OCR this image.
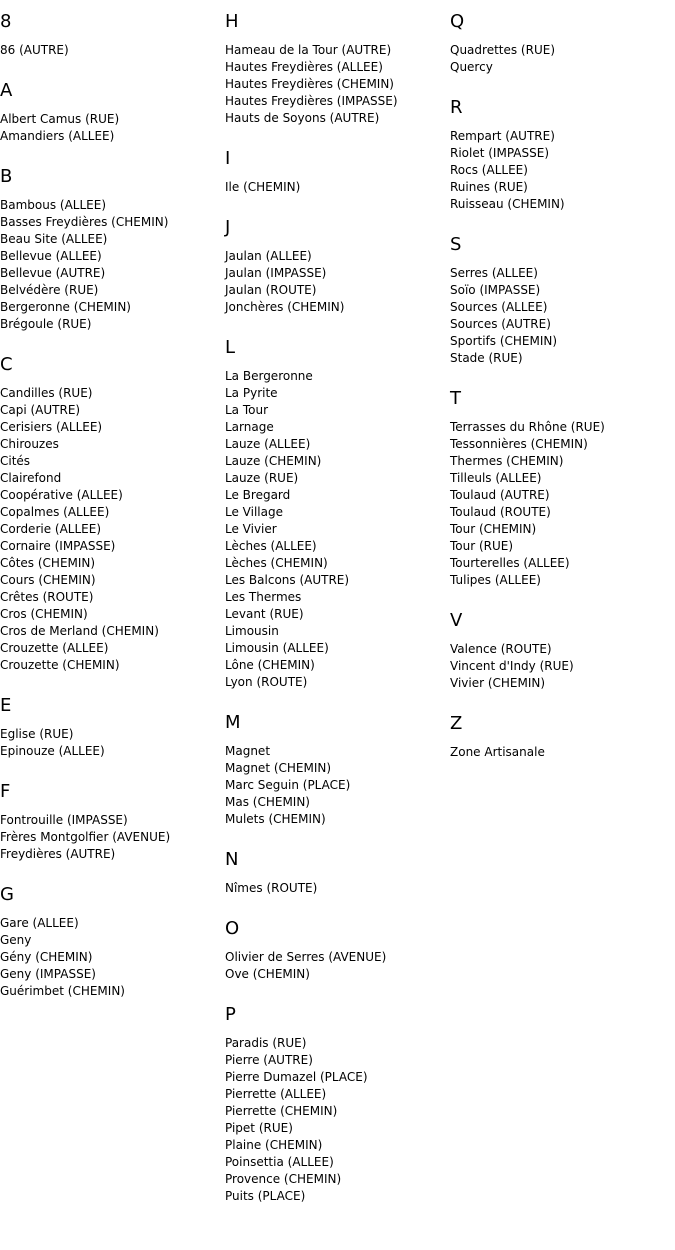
8
86 (AUTRE)
A
Albert Camus (RUE)
Amandiers (ALLEE)
B
Bambous (ALLEE)
Basses Freydières (CHEMIN)
Beau Site (ALLEE)
Bellevue (ALLEE)
Bellevue (AUTRE)
Belvédère (RUE)
Bergeronne (CHEMIN)
Brégoule (RUE)
C
Candilles (RUE)
Capi (AUTRE)
Cerisiers (ALLEE)
Chirouzes
Cités
Clairefond
Coopérative (ALLEE)
Copalmes (ALLEE)
Corderie (ALLEE)
Cornaire (IMPASSE)
Côtes (CHEMIN)
Cours (CHEMIN)
Crêtes (ROUTE)
Cros (CHEMIN)
Cros de Merland (CHEMIN)
Crouzette (ALLEE)
Crouzette (CHEMIN)
E
Eglise (RUE)
Epinouze (ALLEE)
F
Fontrouille (IMPASSE)
Frères Montgolfier (AVENUE)
Freydières (AUTRE)
G
Gare (ALLEE)
Geny
Gény (CHEMIN)
Geny (IMPASSE)
Guérimbet (CHEMIN)
H
Hameau de la Tour (AUTRE)
Hautes Freydières (ALLEE)
Hautes Freydières (CHEMIN)
Hautes Freydières (IMPASSE)
Hauts de Soyons (AUTRE)
I
Ile (CHEMIN)
J
Jaulan (ALLEE)
Jaulan (IMPASSE)
Jaulan (ROUTE)
Jonchères (CHEMIN)
L
La Bergeronne
La Pyrite
La Tour
Larnage
Lauze (ALLEE)
Lauze (CHEMIN)
Lauze (RUE)
Le Bregard
Le Village
Le Vivier
Lèches (ALLEE)
Lèches (CHEMIN)
Les Balcons (AUTRE)
Les Thermes
Levant (RUE)
Limousin
Limousin (ALLEE)
Lône (CHEMIN)
Lyon (ROUTE)
M
Magnet
Magnet (CHEMIN)
Marc Seguin (PLACE)
Mas (CHEMIN)
Mulets (CHEMIN)
N
Nîmes (ROUTE)
O
Olivier de Serres (AVENUE)
Ove (CHEMIN)
P
Paradis (RUE)
Pierre (AUTRE)
Pierre Dumazel (PLACE)
Pierrette (ALLEE)
Pierrette (CHEMIN)
Pipet (RUE)
Plaine (CHEMIN)
Poinsettia (ALLEE)
Provence (CHEMIN)
Puits (PLACE)
Q
Quadrettes (RUE)
Quercy
R
Rempart (AUTRE)
Riolet (IMPASSE)
Rocs (ALLEE)
Ruines (RUE)
Ruisseau (CHEMIN)
S
Serres (ALLEE)
Soïo (IMPASSE)
Sources (ALLEE)
Sources (AUTRE)
Sportifs (CHEMIN)
Stade (RUE)
T
Terrasses du Rhône (RUE)
Tessonnières (CHEMIN)
Thermes (CHEMIN)
Tilleuls (ALLEE)
Toulaud (AUTRE)
Toulaud (ROUTE)
Tour (CHEMIN)
Tour (RUE)
Tourterelles (ALLEE)
Tulipes (ALLEE)
V
Valence (ROUTE)
Vincent d'Indy (RUE)
Vivier (CHEMIN)
Z
Zone Artisanale
